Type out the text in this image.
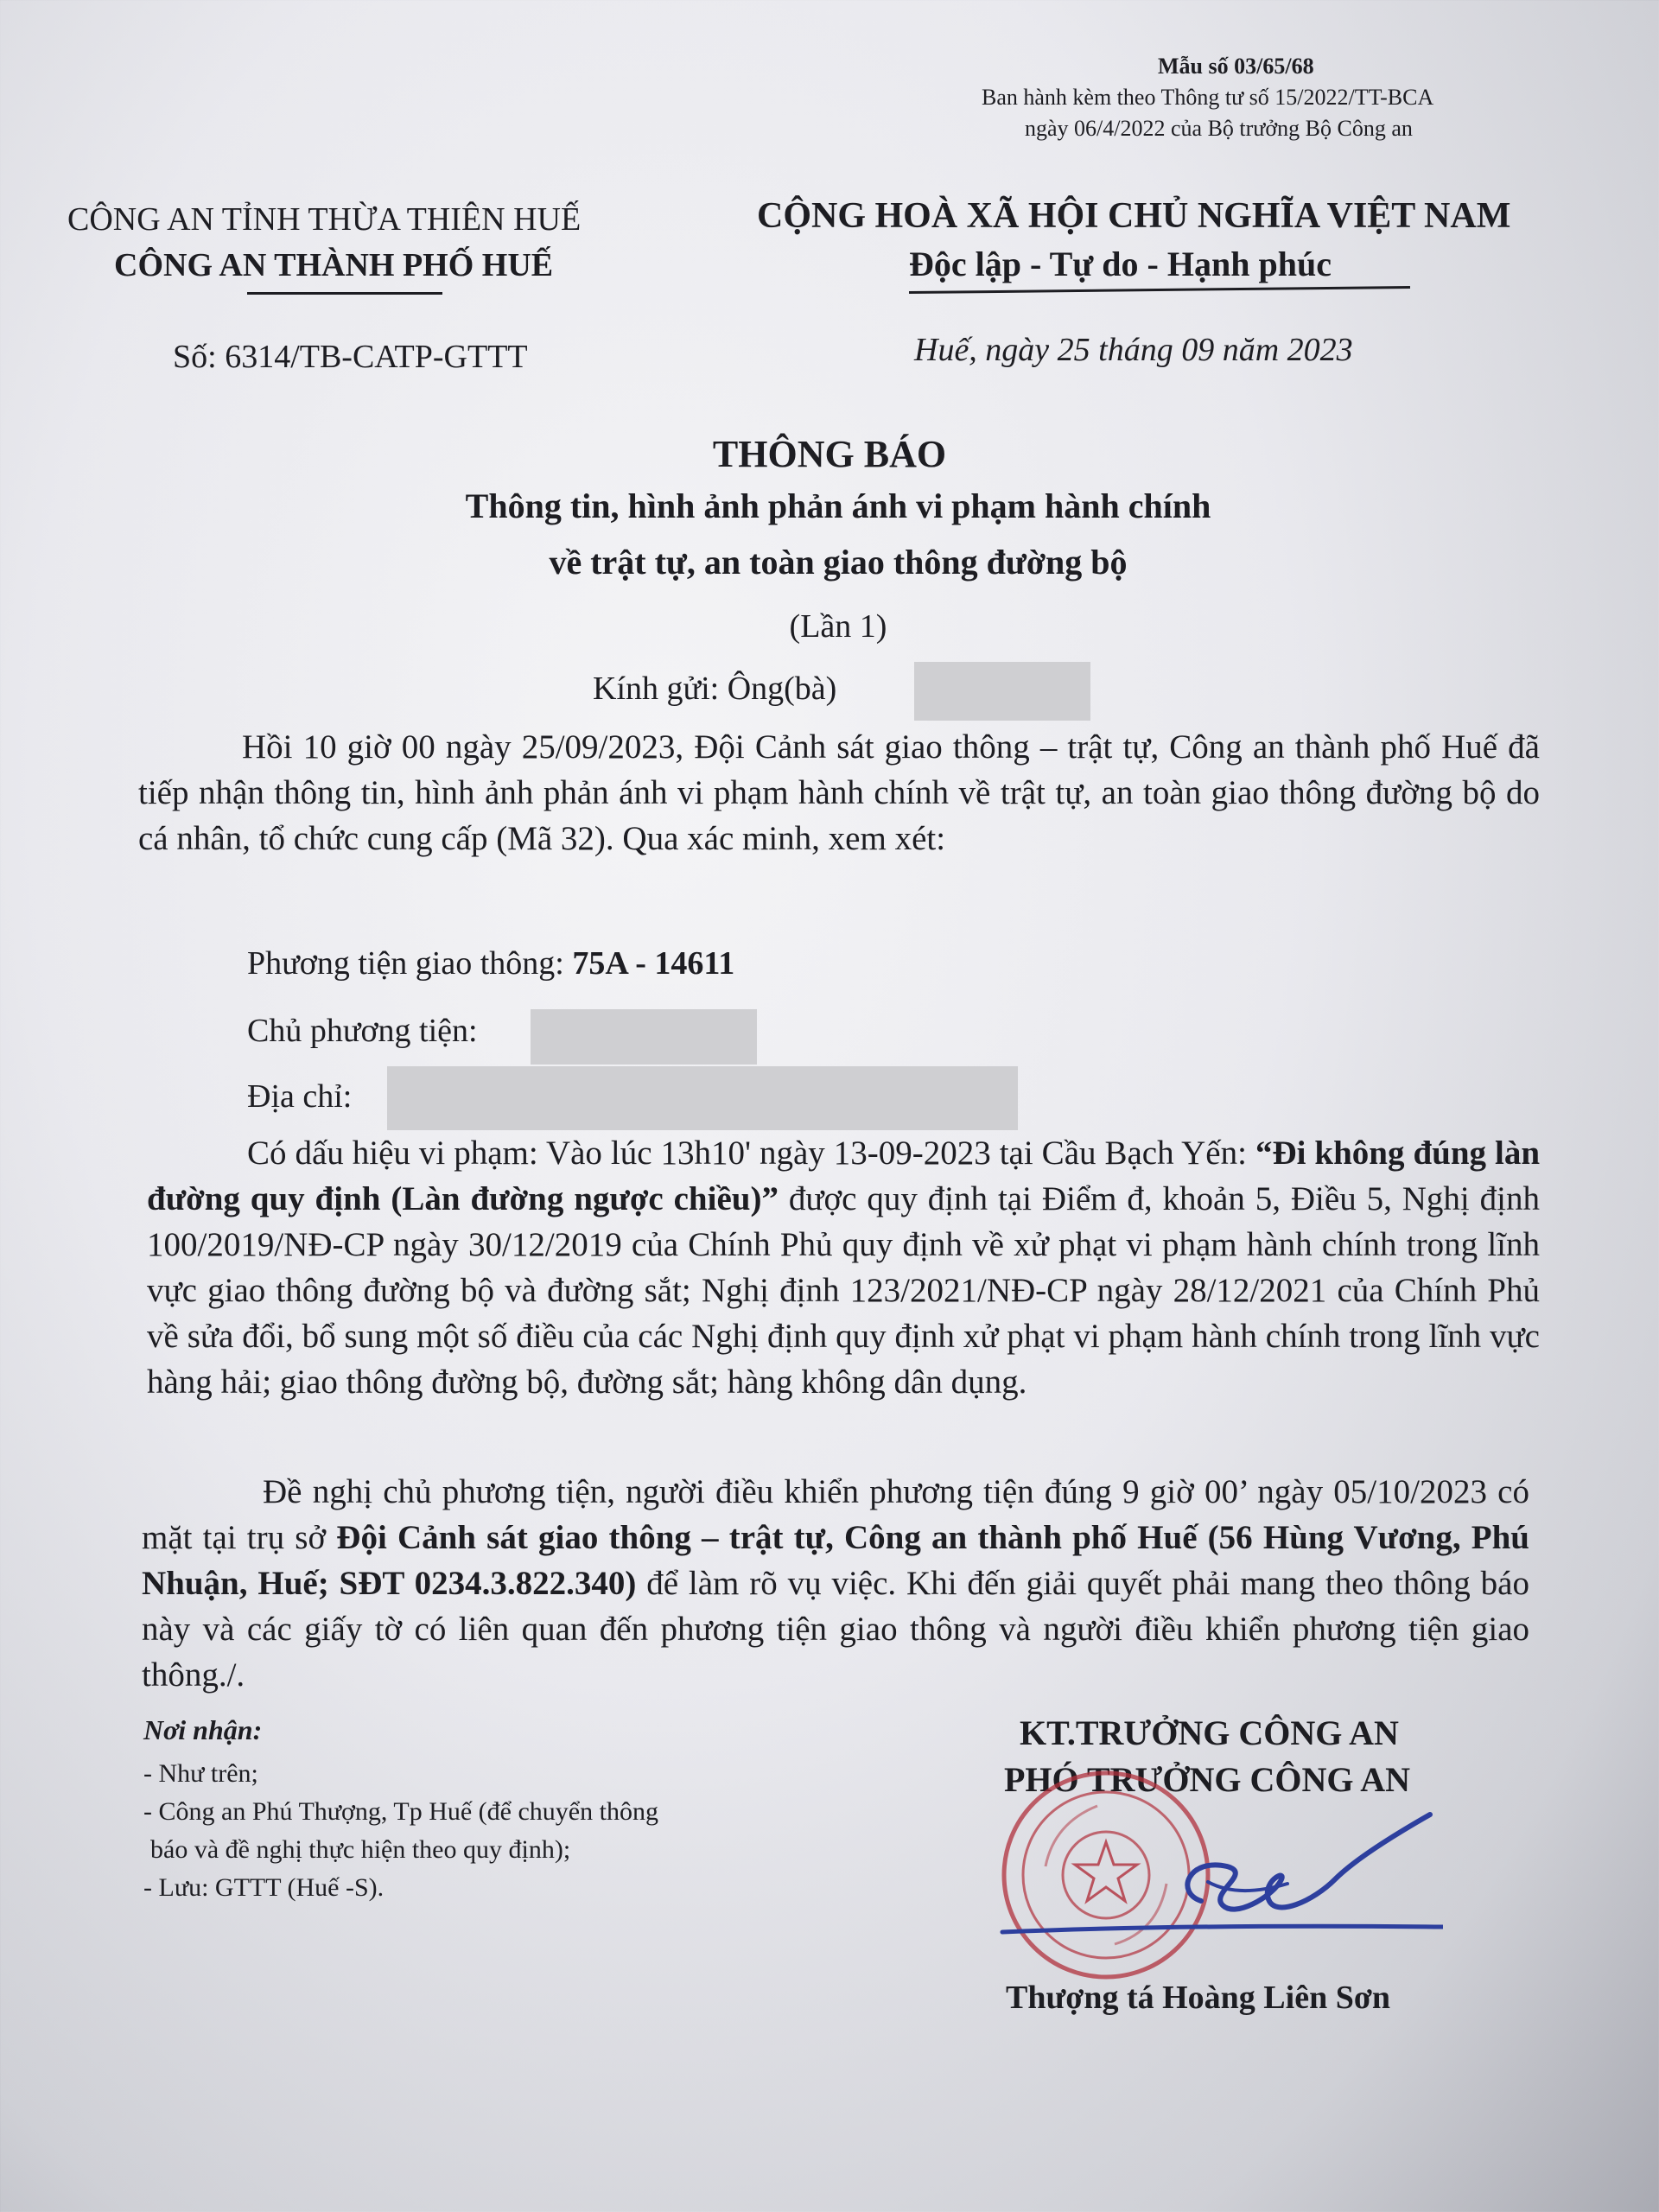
Mẫu số 03/65/68
Ban hành kèm theo Thông tư số 15/2022/TT-BCA
ngày 06/4/2022 của Bộ trưởng Bộ Công an
CÔNG AN TỈNH THỪA THIÊN HUẾ
CÔNG AN THÀNH PHỐ HUẾ
CỘNG HOÀ XÃ HỘI CHỦ NGHĨA VIỆT NAM
Độc lập - Tự do - Hạnh phúc
Số: 6314/TB-CATP-GTTT	Huế, ngày 25 tháng 09 năm 2023
THÔNG BÁO
Thông tin, hình ảnh phản ánh vi phạm hành chính
về trật tự, an toàn giao thông đường bộ
(Lần 1)
Kính gửi: Ông(bà)
Hồi 10 giờ 00 ngày 25/09/2023, Đội Cảnh sát giao thông – trật tự, Công an thành phố Huế đã tiếp nhận thông tin, hình ảnh phản ánh vi phạm hành chính về trật tự, an toàn giao thông đường bộ do cá nhân, tổ chức cung cấp (Mã 32). Qua xác minh, xem xét:
Phương tiện giao thông: 75A - 14611
Chủ phương tiện:
Địa chỉ:
Có dấu hiệu vi phạm: Vào lúc 13h10' ngày 13-09-2023 tại Cầu Bạch Yến: “Đi không đúng làn đường quy định (Làn đường ngược chiều)” được quy định tại Điểm đ, khoản 5, Điều 5, Nghị định 100/2019/NĐ-CP ngày 30/12/2019 của Chính Phủ quy định về xử phạt vi phạm hành chính trong lĩnh vực giao thông đường bộ và đường sắt; Nghị định 123/2021/NĐ-CP ngày 28/12/2021 của Chính Phủ về sửa đổi, bổ sung một số điều của các Nghị định quy định xử phạt vi phạm hành chính trong lĩnh vực hàng hải; giao thông đường bộ, đường sắt; hàng không dân dụng.
Đề nghị chủ phương tiện, người điều khiển phương tiện đúng 9 giờ 00’ ngày 05/10/2023 có mặt tại trụ sở Đội Cảnh sát giao thông – trật tự, Công an thành phố Huế (56 Hùng Vương, Phú Nhuận, Huế; SĐT 0234.3.822.340) để làm rõ vụ việc. Khi đến giải quyết phải mang theo thông báo này và các giấy tờ có liên quan đến phương tiện giao thông và người điều khiển phương tiện giao thông./.
Nơi nhận:
- Như trên;
- Công an Phú Thượng, Tp Huế (để chuyển thông
báo và đề nghị thực hiện theo quy định);
- Lưu: GTTT (Huế -S).
KT.TRƯỞNG CÔNG AN
PHÓ TRƯỞNG CÔNG AN
Thượng tá Hoàng Liên Sơn
